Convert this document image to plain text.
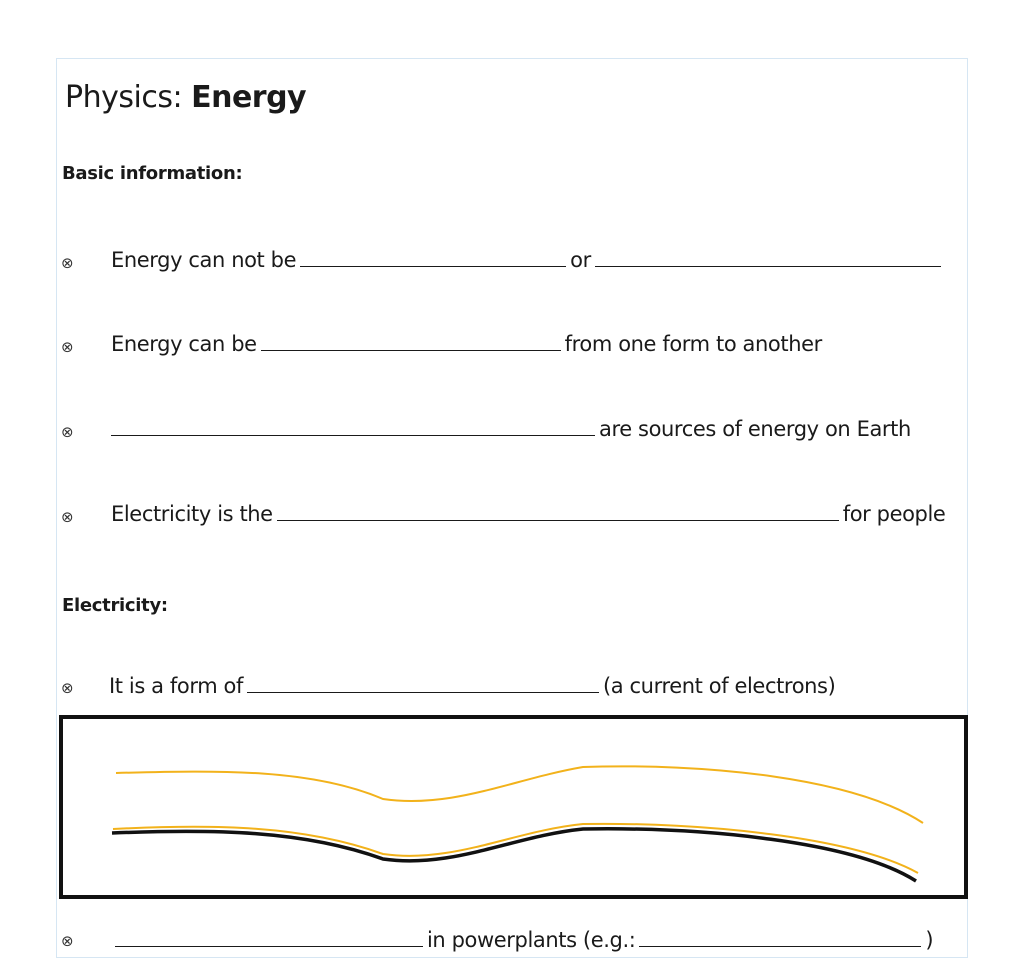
Physics: Energy
Basic information:
⊗ Energy can not be	or
⊗ Energy can be	from one form to another
⊗	are sources of energy on Earth
⊗ Electricity is the	for people
Electricity:
⊗ It is a form of	(a current of electrons)
⊗	in powerplants (e.g.:	)
